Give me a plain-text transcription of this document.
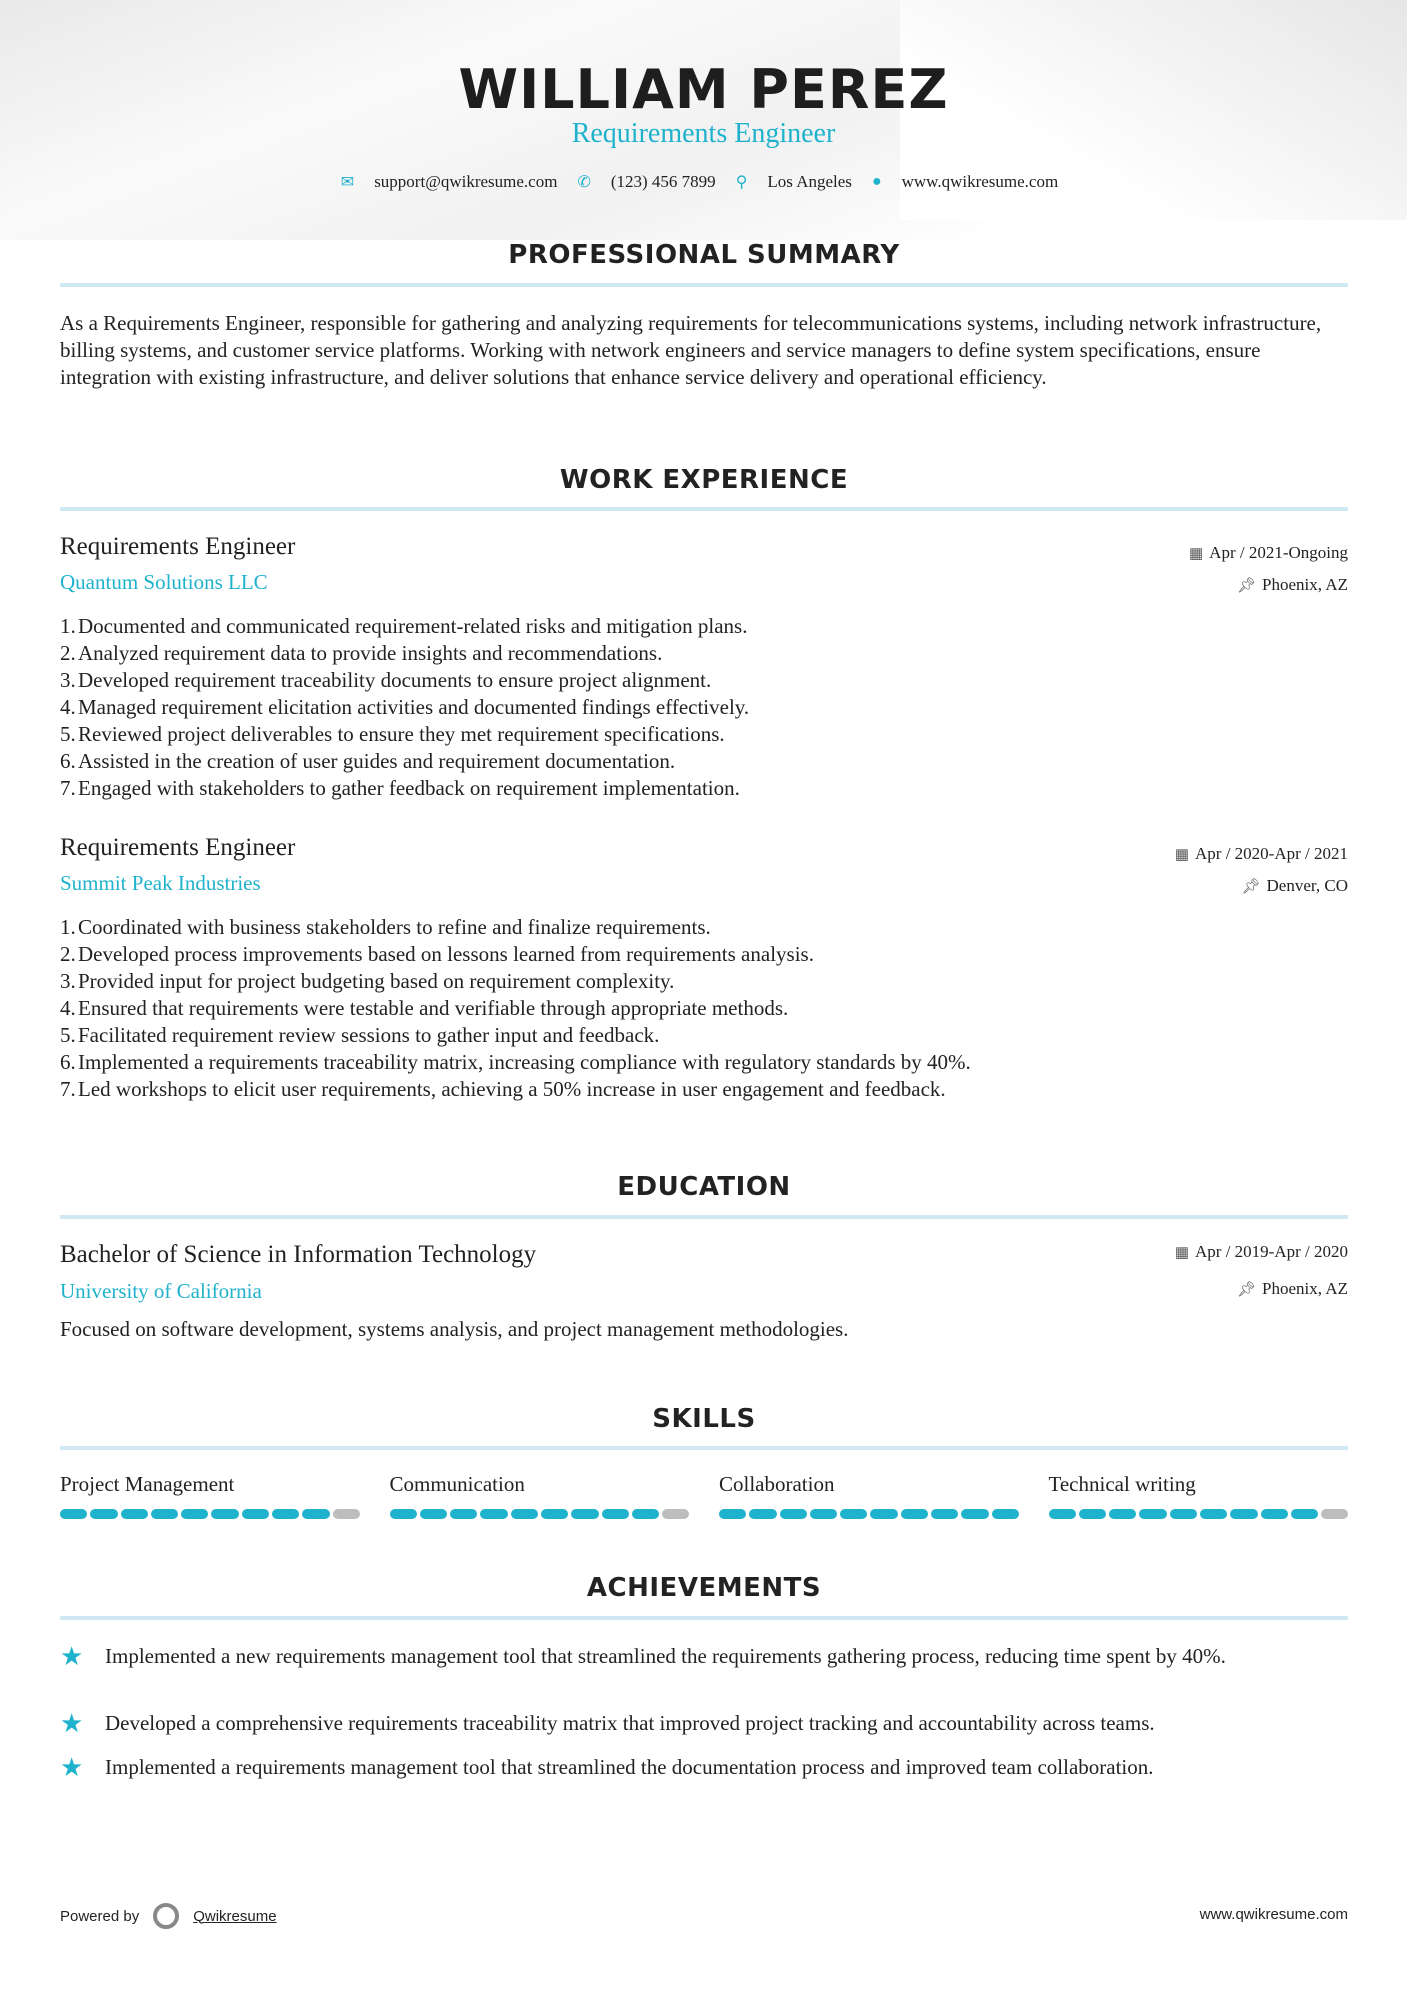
WILLIAM PEREZ
Requirements Engineer
✉ support@qwikresume.com ✆ (123) 456 7899 ⚲ Los Angeles ● www.qwikresume.com
PROFESSIONAL SUMMARY
As a Requirements Engineer, responsible for gathering and analyzing requirements for telecommunications systems, including network infrastructure, billing systems, and customer service platforms. Working with network engineers and service managers to define system specifications, ensure integration with existing infrastructure, and deliver solutions that enhance service delivery and operational efficiency.
WORK EXPERIENCE
Requirements Engineer
Quantum Solutions LLC
▦ Apr / 2021-Ongoing
📌︎ Phoenix, AZ
1. Documented and communicated requirement-related risks and mitigation plans.
2. Analyzed requirement data to provide insights and recommendations.
3. Developed requirement traceability documents to ensure project alignment.
4. Managed requirement elicitation activities and documented findings effectively.
5. Reviewed project deliverables to ensure they met requirement specifications.
6. Assisted in the creation of user guides and requirement documentation.
7. Engaged with stakeholders to gather feedback on requirement implementation.
Requirements Engineer
Summit Peak Industries
▦ Apr / 2020-Apr / 2021
📌︎ Denver, CO
1. Coordinated with business stakeholders to refine and finalize requirements.
2. Developed process improvements based on lessons learned from requirements analysis.
3. Provided input for project budgeting based on requirement complexity.
4. Ensured that requirements were testable and verifiable through appropriate methods.
5. Facilitated requirement review sessions to gather input and feedback.
6. Implemented a requirements traceability matrix, increasing compliance with regulatory standards by 40%.
7. Led workshops to elicit user requirements, achieving a 50% increase in user engagement and feedback.
EDUCATION
Bachelor of Science in Information Technology
University of California
▦ Apr / 2019-Apr / 2020
📌︎ Phoenix, AZ
Focused on software development, systems analysis, and project management methodologies.
SKILLS
Project Management	Communication	Collaboration	Technical writing
ACHIEVEMENTS
★	Implemented a new requirements management tool that streamlined the requirements gathering process, reducing time spent by 40%.
★	Developed a comprehensive requirements traceability matrix that improved project tracking and accountability across teams.
★	Implemented a requirements management tool that streamlined the documentation process and improved team collaboration.
Powered by	Qwikresume	www.qwikresume.com
